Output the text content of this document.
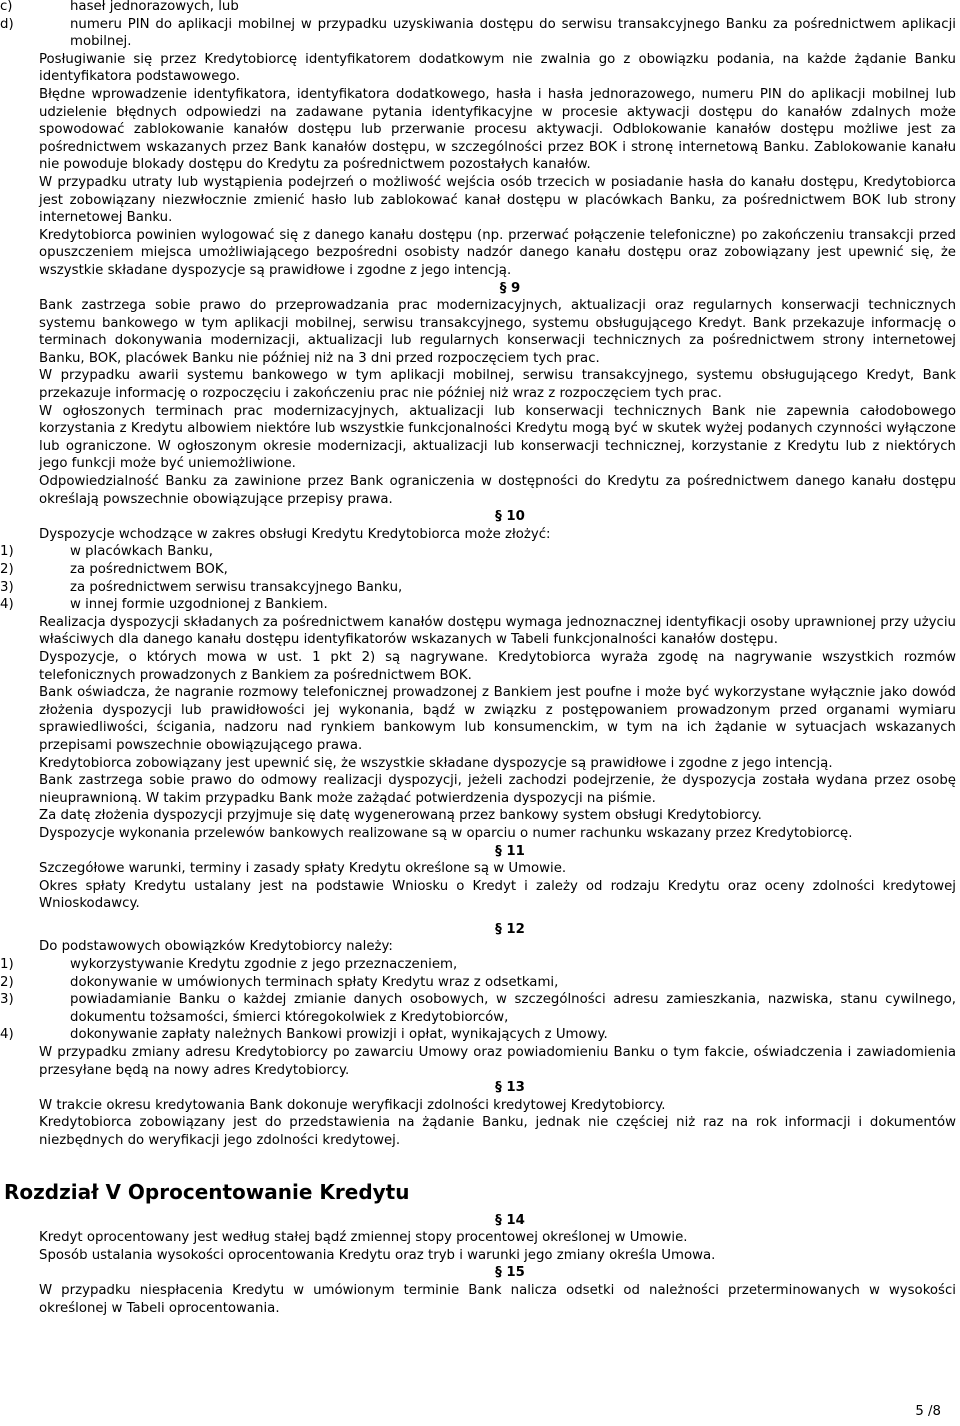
c)	haseł jednorazowych, lub
d)	numeru PIN do aplikacji mobilnej w przypadku uzyskiwania dostępu do serwisu transakcyjnego Banku za pośrednictwem aplikacji mobilnej.
Posługiwanie się przez Kredytobiorcę identyfikatorem dodatkowym nie zwalnia go z obowiązku podania, na każde żądanie Banku identyfikatora podstawowego.
Błędne wprowadzenie identyfikatora, identyfikatora dodatkowego, hasła i hasła jednorazowego, numeru PIN do aplikacji mobilnej lub udzielenie błędnych odpowiedzi na zadawane pytania identyfikacyjne w procesie aktywacji dostępu do kanałów zdalnych może spowodować zablokowanie kanałów dostępu lub przerwanie procesu aktywacji. Odblokowanie kanałów dostępu możliwe jest za pośrednictwem wskazanych przez Bank kanałów dostępu, w szczególności przez BOK i stronę internetową Banku. Zablokowanie kanału nie powoduje blokady dostępu do Kredytu za pośrednictwem pozostałych kanałów.
W przypadku utraty lub wystąpienia podejrzeń o możliwość wejścia osób trzecich w posiadanie hasła do kanału dostępu, Kredytobiorca jest zobowiązany niezwłocznie zmienić hasło lub zablokować kanał dostępu w placówkach Banku, za pośrednictwem BOK lub strony internetowej Banku.
Kredytobiorca powinien wylogować się z danego kanału dostępu (np. przerwać połączenie telefoniczne) po zakończeniu transakcji przed opuszczeniem miejsca umożliwiającego bezpośredni osobisty nadzór danego kanału dostępu oraz zobowiązany jest upewnić się, że wszystkie składane dyspozycje są prawidłowe i zgodne z jego intencją.
§ 9
Bank zastrzega sobie prawo do przeprowadzania prac modernizacyjnych, aktualizacji oraz regularnych konserwacji technicznych systemu bankowego w tym aplikacji mobilnej, serwisu transakcyjnego, systemu obsługującego Kredyt. Bank przekazuje informację o terminach dokonywania modernizacji, aktualizacji lub regularnych konserwacji technicznych za pośrednictwem strony internetowej Banku, BOK, placówek Banku nie później niż na 3 dni przed rozpoczęciem tych prac.
W przypadku awarii systemu bankowego w tym aplikacji mobilnej, serwisu transakcyjnego, systemu obsługującego Kredyt, Bank przekazuje informację o rozpoczęciu i zakończeniu prac nie później niż wraz z rozpoczęciem tych prac.
W ogłoszonych terminach prac modernizacyjnych, aktualizacji lub konserwacji technicznych Bank nie zapewnia całodobowego korzystania z Kredytu albowiem niektóre lub wszystkie funkcjonalności Kredytu mogą być w skutek wyżej podanych czynności wyłączone lub ograniczone. W ogłoszonym okresie modernizacji, aktualizacji lub konserwacji technicznej, korzystanie z Kredytu lub z niektórych jego funkcji może być uniemożliwione.
Odpowiedzialność Banku za zawinione przez Bank ograniczenia w dostępności do Kredytu za pośrednictwem danego kanału dostępu określają powszechnie obowiązujące przepisy prawa.
§ 10
Dyspozycje wchodzące w zakres obsługi Kredytu Kredytobiorca może złożyć:
1)	w placówkach Banku,
2)	za pośrednictwem BOK,
3)	za pośrednictwem serwisu transakcyjnego Banku,
4)	w innej formie uzgodnionej z Bankiem.
Realizacja dyspozycji składanych za pośrednictwem kanałów dostępu wymaga jednoznacznej identyfikacji osoby uprawnionej przy użyciu właściwych dla danego kanału dostępu identyfikatorów wskazanych w Tabeli funkcjonalności kanałów dostępu.
Dyspozycje, o których mowa w ust. 1 pkt 2) są nagrywane. Kredytobiorca wyraża zgodę na nagrywanie wszystkich rozmów telefonicznych prowadzonych z Bankiem za pośrednictwem BOK.
Bank oświadcza, że nagranie rozmowy telefonicznej prowadzonej z Bankiem jest poufne i może być wykorzystane wyłącznie jako dowód złożenia dyspozycji lub prawidłowości jej wykonania, bądź w związku z postępowaniem prowadzonym przed organami wymiaru sprawiedliwości, ścigania, nadzoru nad rynkiem bankowym lub konsumenckim, w tym na ich żądanie w sytuacjach wskazanych przepisami powszechnie obowiązującego prawa.
Kredytobiorca zobowiązany jest upewnić się, że wszystkie składane dyspozycje są prawidłowe i zgodne z jego intencją.
Bank zastrzega sobie prawo do odmowy realizacji dyspozycji, jeżeli zachodzi podejrzenie, że dyspozycja została wydana przez osobę nieuprawnioną. W takim przypadku Bank może zażądać potwierdzenia dyspozycji na piśmie.
Za datę złożenia dyspozycji przyjmuje się datę wygenerowaną przez bankowy system obsługi Kredytobiorcy.
Dyspozycje wykonania przelewów bankowych realizowane są w oparciu o numer rachunku wskazany przez Kredytobiorcę.
§ 11
Szczegółowe warunki, terminy i zasady spłaty Kredytu określone są w Umowie.
Okres spłaty Kredytu ustalany jest na podstawie Wniosku o Kredyt i zależy od rodzaju Kredytu oraz oceny zdolności kredytowej Wnioskodawcy.
§ 12
Do podstawowych obowiązków Kredytobiorcy należy:
1)	wykorzystywanie Kredytu zgodnie z jego przeznaczeniem,
2)	dokonywanie w umówionych terminach spłaty Kredytu wraz z odsetkami,
3)	powiadamianie Banku o każdej zmianie danych osobowych, w szczególności adresu zamieszkania, nazwiska, stanu cywilnego, dokumentu tożsamości, śmierci któregokolwiek z Kredytobiorców,
4)	dokonywanie zapłaty należnych Bankowi prowizji i opłat, wynikających z Umowy.
W przypadku zmiany adresu Kredytobiorcy po zawarciu Umowy oraz powiadomieniu Banku o tym fakcie, oświadczenia i zawiadomienia przesyłane będą na nowy adres Kredytobiorcy.
§ 13
W trakcie okresu kredytowania Bank dokonuje weryfikacji zdolności kredytowej Kredytobiorcy.
Kredytobiorca zobowiązany jest do przedstawienia na żądanie Banku, jednak nie częściej niż raz na rok informacji i dokumentów niezbędnych do weryfikacji jego zdolności kredytowej.
Rozdział V Oprocentowanie Kredytu
§ 14
Kredyt oprocentowany jest według stałej bądź zmiennej stopy procentowej określonej w Umowie.
Sposób ustalania wysokości oprocentowania Kredytu oraz tryb i warunki jego zmiany określa Umowa.
§ 15
W przypadku niespłacenia Kredytu w umówionym terminie Bank nalicza odsetki od należności przeterminowanych w wysokości określonej w Tabeli oprocentowania.
5 /8
